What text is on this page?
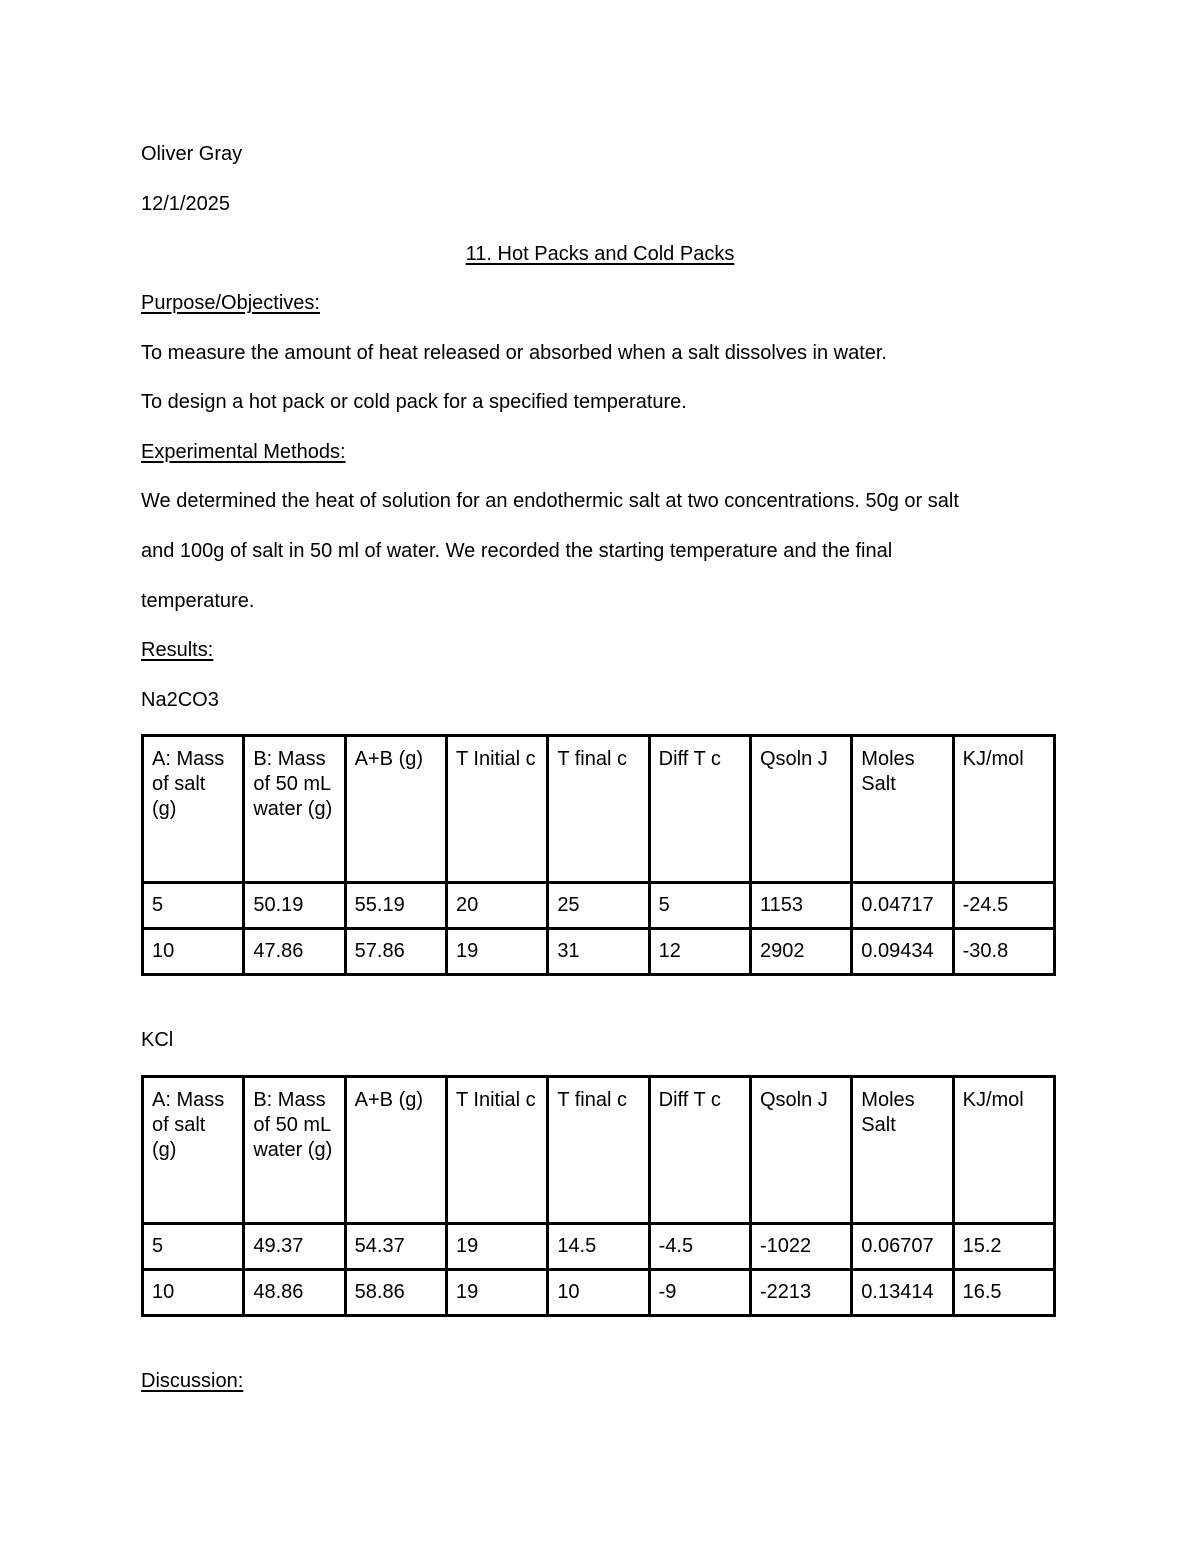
Oliver Gray
12/1/2025
11. Hot Packs and Cold Packs
Purpose/Objectives:
To measure the amount of heat released or absorbed when a salt dissolves in water.
To design a hot pack or cold pack for a specified temperature.
Experimental Methods:
We determined the heat of solution for an endothermic salt at two concentrations. 50g or salt
and 100g of salt in 50 ml of water. We recorded the starting temperature and the final
temperature.
Results:
Na2CO3
A: Mass of salt (g)	B: Mass of 50 mL water (g)	A+B (g)	T Initial c	T final c	Diff T c	Qsoln J	Moles Salt	KJ/mol
5	50.19	55.19	20	25	5	1153	0.04717	-24.5
10	47.86	57.86	19	31	12	2902	0.09434	-30.8
KCl
A: Mass of salt (g)	B: Mass of 50 mL water (g)	A+B (g)	T Initial c	T final c	Diff T c	Qsoln J	Moles Salt	KJ/mol
5	49.37	54.37	19	14.5	-4.5	-1022	0.06707	15.2
10	48.86	58.86	19	10	-9	-2213	0.13414	16.5
Discussion:
